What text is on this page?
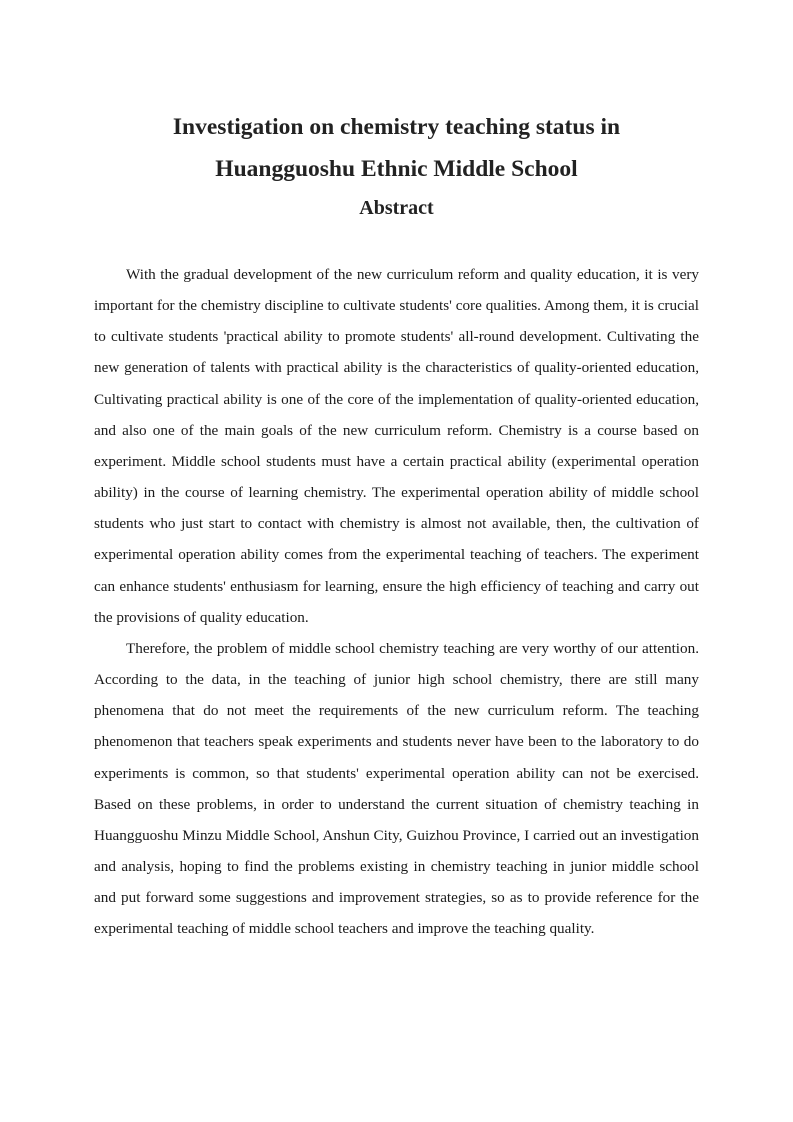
Investigation on chemistry teaching status in
Huangguoshu Ethnic Middle School
Abstract

With the gradual development of the new curriculum reform and quality education, it is very important for the chemistry discipline to cultivate students' core qualities. Among them, it is crucial to cultivate students 'practical ability to promote students' all-round development. Cultivating the new generation of talents with practical ability is the characteristics of quality-oriented education, Cultivating practical ability is one of the core of the implementation of quality-oriented education, and also one of the main goals of the new curriculum reform. Chemistry is a course based on experiment. Middle school students must have a certain practical ability (experimental operation ability) in the course of learning chemistry. The experimental operation ability of middle school students who just start to contact with chemistry is almost not available, then, the cultivation of experimental operation ability comes from the experimental teaching of teachers. The experiment can enhance students' enthusiasm for learning, ensure the high efficiency of teaching and carry out the provisions of quality education.

Therefore, the problem of middle school chemistry teaching are very worthy of our attention. According to the data, in the teaching of junior high school chemistry, there are still many phenomena that do not meet the requirements of the new curriculum reform. The teaching phenomenon that teachers speak experiments and students never have been to the laboratory to do experiments is common, so that students' experimental operation ability can not be exercised. Based on these problems, in order to understand the current situation of chemistry teaching in Huangguoshu Minzu Middle School, Anshun City, Guizhou Province, I carried out an investigation and analysis, hoping to find the problems existing in chemistry teaching in junior middle school and put forward some suggestions and improvement strategies, so as to provide reference for the experimental teaching of middle school teachers and improve the teaching quality.
